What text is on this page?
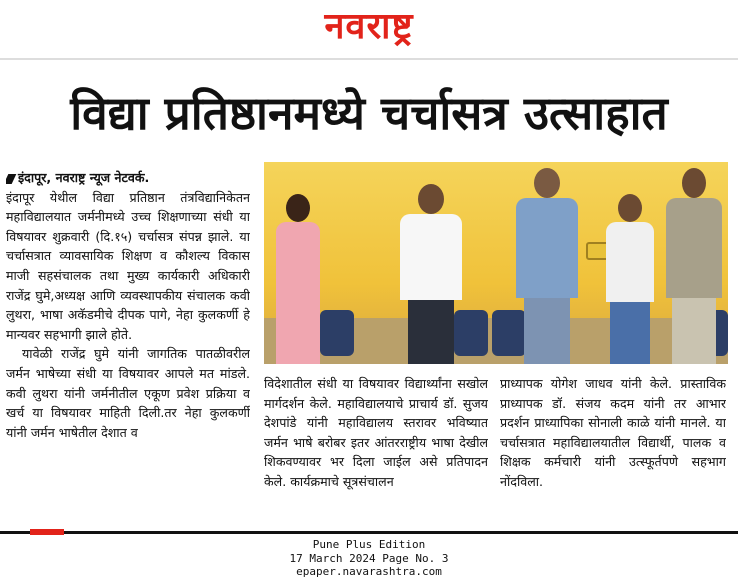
नवराष्ट्र
विद्या प्रतिष्ठानमध्ये चर्चासत्र उत्साहात

इंदापूर, नवराष्ट्र न्यूज नेटवर्क.

इंदापूर येथील विद्या प्रतिष्ठान तंत्रविद्यानिकेतन महाविद्यालयात जर्मनीमध्ये उच्च शिक्षणाच्या संधी या विषयावर शुक्रवारी (दि.१५) चर्चासत्र संपन्न झाले. या चर्चासत्रात व्यावसायिक शिक्षण व कौशल्य विकास माजी सहसंचालक तथा मुख्य कार्यकारी अधिकारी राजेंद्र घुमे,अध्यक्ष आणि व्यवस्थापकीय संचालक कवी लुथरा, भाषा अकॅडमीचे दीपक पागे, नेहा कुलकर्णी हे मान्यवर सहभागी झाले होते.

यावेळी राजेंद्र घुमे यांनी जागतिक पातळीवरील जर्मन भाषेच्या संधी या विषयावर आपले मत मांडले. कवी लुथरा यांनी जर्मनीतील एकूण प्रवेश प्रक्रिया व खर्च या विषयावर माहिती दिली.तर नेहा कुलकर्णी यांनी जर्मन भाषेतील देशात व

विदेशातील संधी या विषयावर विद्यार्थ्यांना सखोल मार्गदर्शन केले. महाविद्यालयाचे प्राचार्य डॉ. सुजय देशपांडे यांनी महाविद्यालय स्तरावर भविष्यात जर्मन भाषे बरोबर इतर आंतरराष्ट्रीय भाषा देखील शिकवण्यावर भर दिला जाईल असे प्रतिपादन केले. कार्यक्रमाचे सूत्रसंचालन

प्राध्यापक योगेश जाधव यांनी केले. प्रास्ताविक प्राध्यापक डॉ. संजय कदम यांनी तर आभार प्रदर्शन प्राध्यापिका सोनाली काळे यांनी मानले. या चर्चासत्रात महाविद्यालयातील विद्यार्थी, पालक व शिक्षक कर्मचारी यांनी उत्स्फूर्तपणे सहभाग नोंदविला.

Pune Plus Edition
17 March 2024 Page No. 3
epaper.navarashtra.com
